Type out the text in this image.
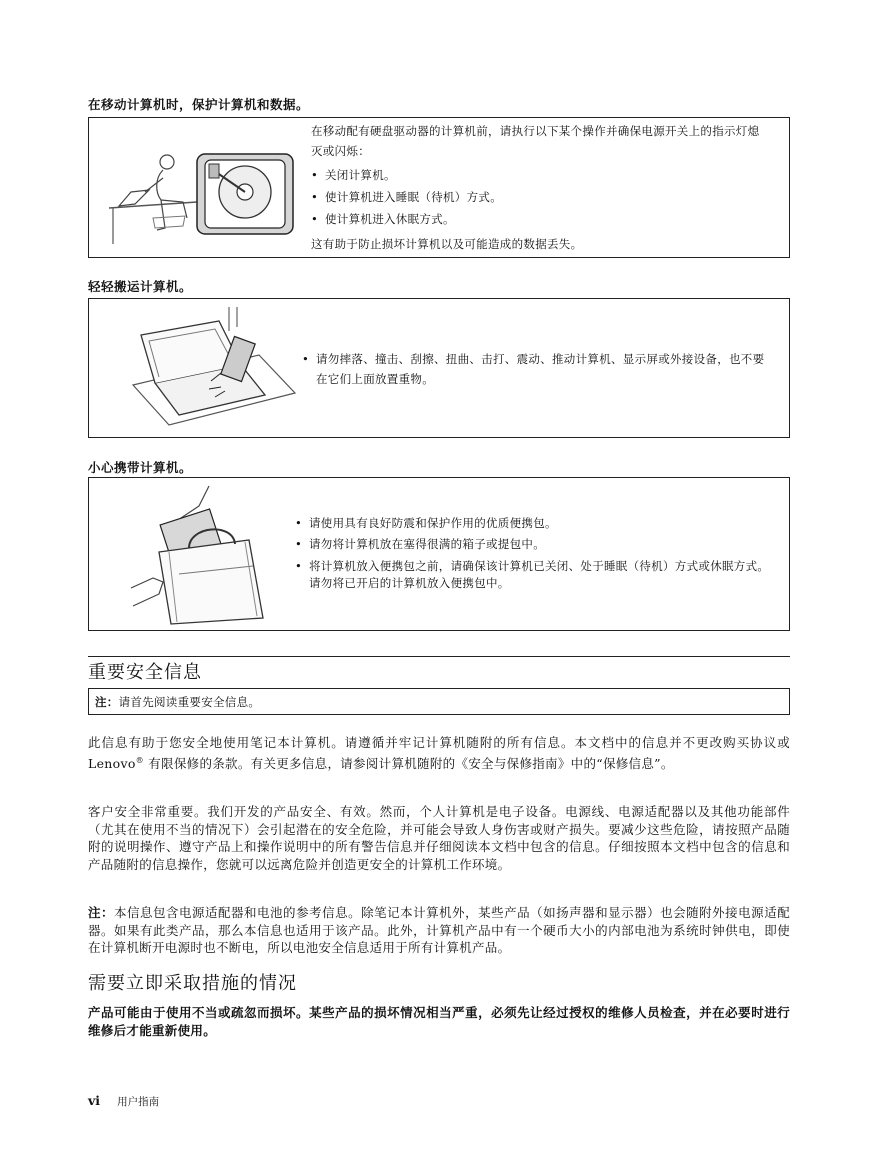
在移动计算机时，保护计算机和数据。
在移动配有硬盘驱动器的计算机前，请执行以下某个操作并确保电源开关上的指示灯熄灭或闪烁：
• 关闭计算机。
• 使计算机进入睡眠（待机）方式。
• 使计算机进入休眠方式。
这有助于防止损坏计算机以及可能造成的数据丢失。
轻轻搬运计算机。
• 请勿摔落、撞击、刮擦、扭曲、击打、震动、推动计算机、显示屏或外接设备，也不要在它们上面放置重物。
小心携带计算机。
• 请使用具有良好防震和保护作用的优质便携包。
• 请勿将计算机放在塞得很满的箱子或提包中。
• 将计算机放入便携包之前，请确保该计算机已关闭、处于睡眠（待机）方式或休眠方式。请勿将已开启的计算机放入便携包中。
重要安全信息
注：请首先阅读重要安全信息。
此信息有助于您安全地使用笔记本计算机。请遵循并牢记计算机随附的所有信息。本文档中的信息并不更改购买协议或 Lenovo® 有限保修的条款。有关更多信息，请参阅计算机随附的《安全与保修指南》中的“保修信息”。
客户安全非常重要。我们开发的产品安全、有效。然而，个人计算机是电子设备。电源线、电源适配器以及其他功能部件（尤其在使用不当的情况下）会引起潜在的安全危险，并可能会导致人身伤害或财产损失。要减少这些危险，请按照产品随附的说明操作、遵守产品上和操作说明中的所有警告信息并仔细阅读本文档中包含的信息。仔细按照本文档中包含的信息和产品随附的信息操作，您就可以远离危险并创造更安全的计算机工作环境。
注：本信息包含电源适配器和电池的参考信息。除笔记本计算机外，某些产品（如扬声器和显示器）也会随附外接电源适配器。如果有此类产品，那么本信息也适用于该产品。此外，计算机产品中有一个硬币大小的内部电池为系统时钟供电，即使在计算机断开电源时也不断电，所以电池安全信息适用于所有计算机产品。
需要立即采取措施的情况
产品可能由于使用不当或疏忽而损坏。某些产品的损坏情况相当严重，必须先让经过授权的维修人员检查，并在必要时进行维修后才能重新使用。
vi 用户指南
